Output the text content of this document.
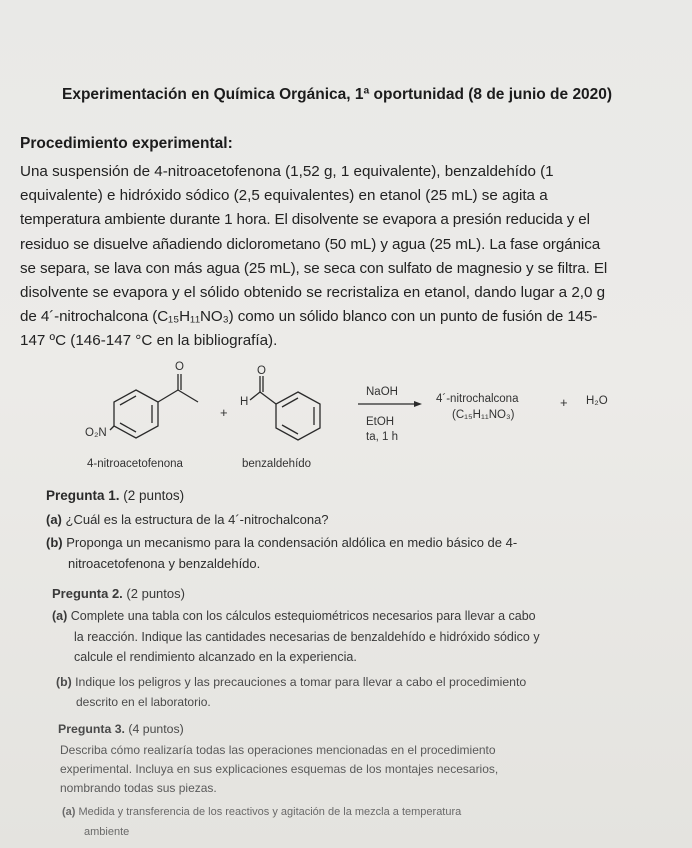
Experimentación en Química Orgánica, 1ª oportunidad (8 de junio de 2020)
Procedimiento experimental:
Una suspensión de 4-nitroacetofenona (1,52 g, 1 equivalente), benzaldehído (1
equivalente) e hidróxido sódico (2,5 equivalentes) en etanol (25 mL) se agita a
temperatura ambiente durante 1 hora. El disolvente se evapora a presión reducida y el
residuo se disuelve añadiendo diclorometano (50 mL) y agua (25 mL). La fase orgánica
se separa, se lava con más agua (25 mL), se seca con sulfato de magnesio y se filtra. El
disolvente se evapora y el sólido obtenido se recristaliza en etanol, dando lugar a 2,0 g
de 4´-nitrochalcona (C₁₅H₁₁NO₃) como un sólido blanco con un punto de fusión de 145-
147 ºC (146-147 °C en la bibliografía).
O	O
O₂N
+
H
4-nitroacetofenona	benzaldehído
NaOH
EtOH
ta, 1 h
4´-nitrochalcona
(C₁₅H₁₁NO₃)
+ H₂O
Pregunta 1. (2 puntos)
(a) ¿Cuál es la estructura de la 4´-nitrochalcona?
(b) Proponga un mecanismo para la condensación aldólica en medio básico de 4-
nitroacetofenona y benzaldehído.
Pregunta 2. (2 puntos)
(a) Complete una tabla con los cálculos estequiométricos necesarios para llevar a cabo
la reacción. Indique las cantidades necesarias de benzaldehído e hidróxido sódico y
calcule el rendimiento alcanzado en la experiencia.
(b) Indique los peligros y las precauciones a tomar para llevar a cabo el procedimiento
descrito en el laboratorio.
Pregunta 3. (4 puntos)
Describa cómo realizaría todas las operaciones mencionadas en el procedimiento
experimental. Incluya en sus explicaciones esquemas de los montajes necesarios,
nombrando todas sus piezas.
(a) Medida y transferencia de los reactivos y agitación de la mezcla a temperatura
ambiente
